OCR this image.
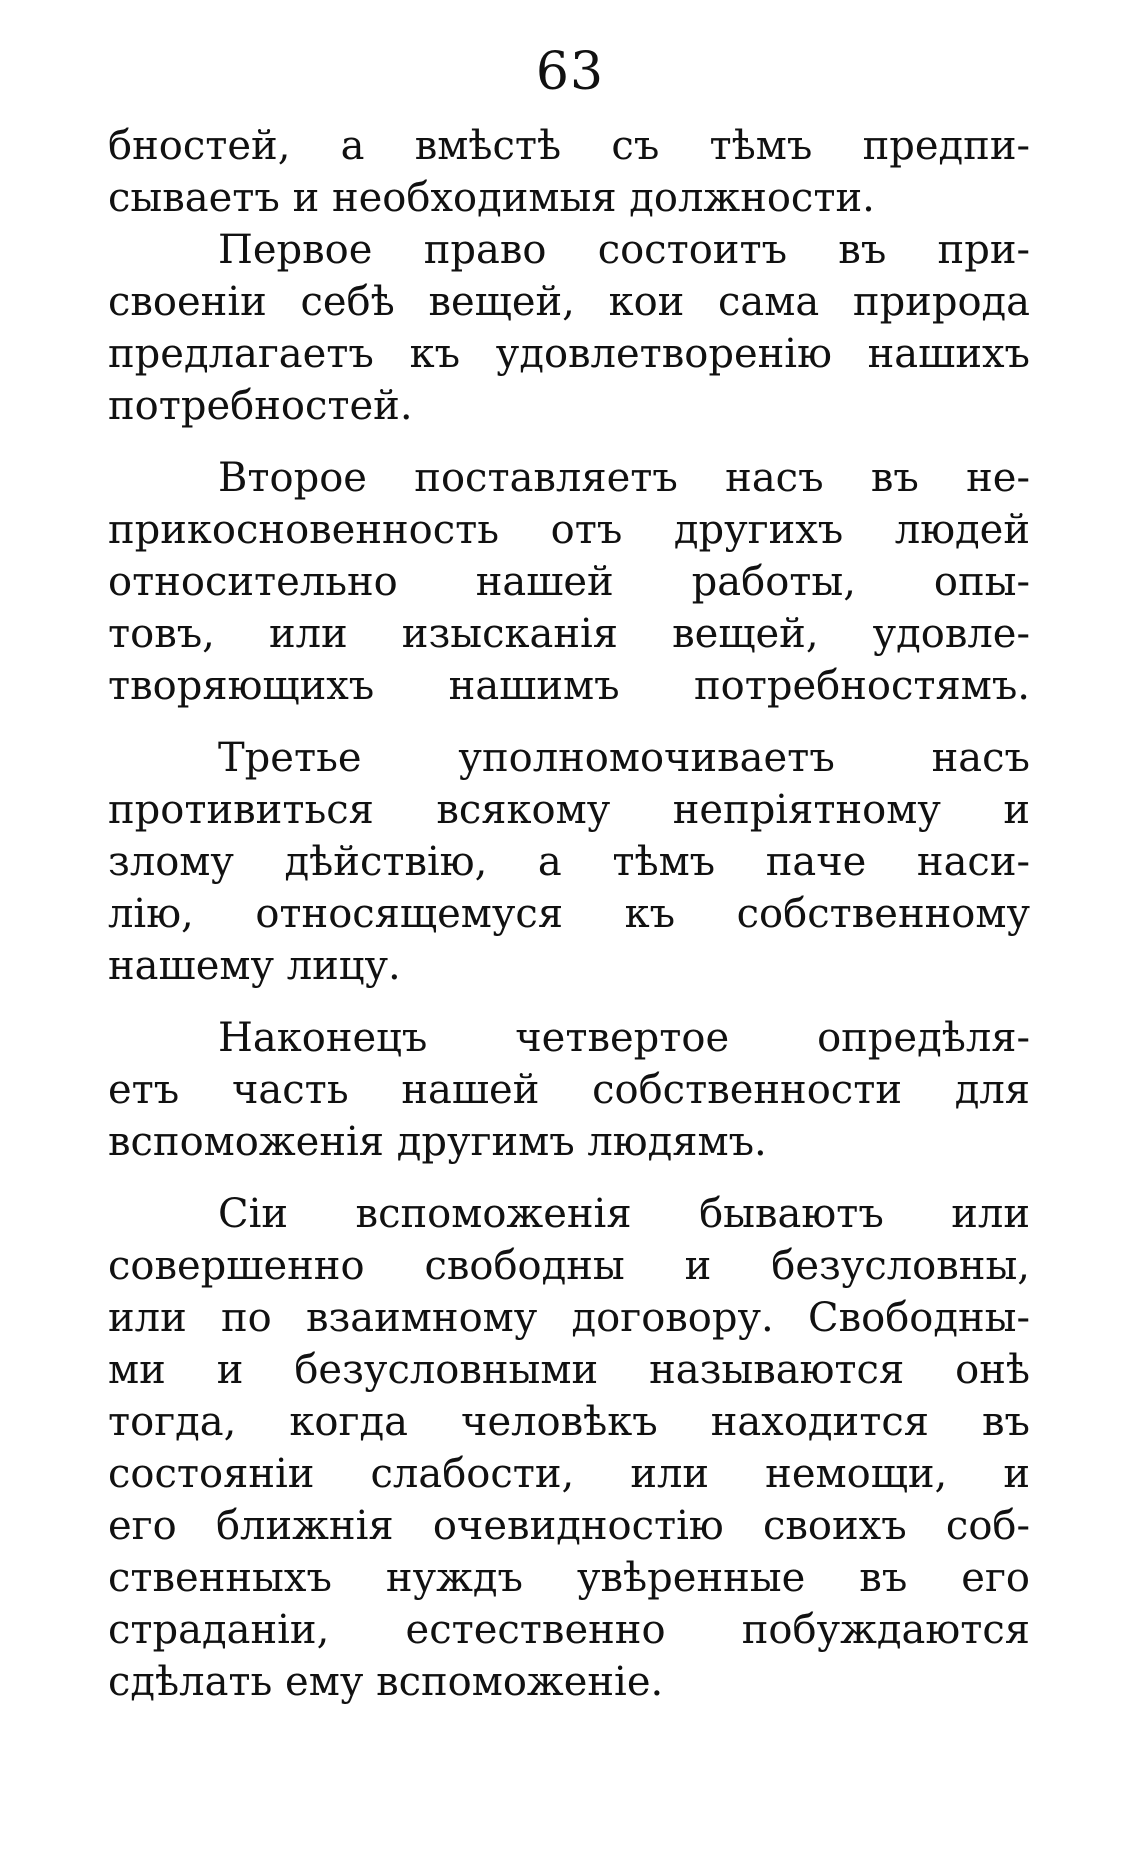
63
бностей, а вмѣстѣ съ тѣмъ предпи-
сываетъ и необходимыя должности.
Первое право состоитъ въ при-
своеніи себѣ вещей, кои сама природа
предлагаетъ къ удовлетворенію нашихъ
потребностей.
Второе поставляетъ насъ въ не-
прикосновенность отъ другихъ людей
относительно нашей работы, опы-
товъ, или изысканія вещей, удовле-
творяющихъ нашимъ потребностямъ.
Третье уполномочиваетъ насъ
противиться всякому непріятному и
злому дѣйствію, а тѣмъ паче наси-
лію, относящемуся къ собственному
нашему лицу.
Наконецъ четвертое опредѣля-
етъ часть нашей собственности для
вспоможенія другимъ людямъ.
Сіи вспоможенія бываютъ или
совершенно свободны и безусловны,
или по взаимному договору. Свободны-
ми и безусловными называются онѣ
тогда, когда человѣкъ находится въ
состояніи слабости, или немощи, и
его ближнія очевидностію своихъ соб-
ственныхъ нуждъ увѣренные въ его
страданіи, естественно побуждаются
сдѣлать ему вспоможеніе.
